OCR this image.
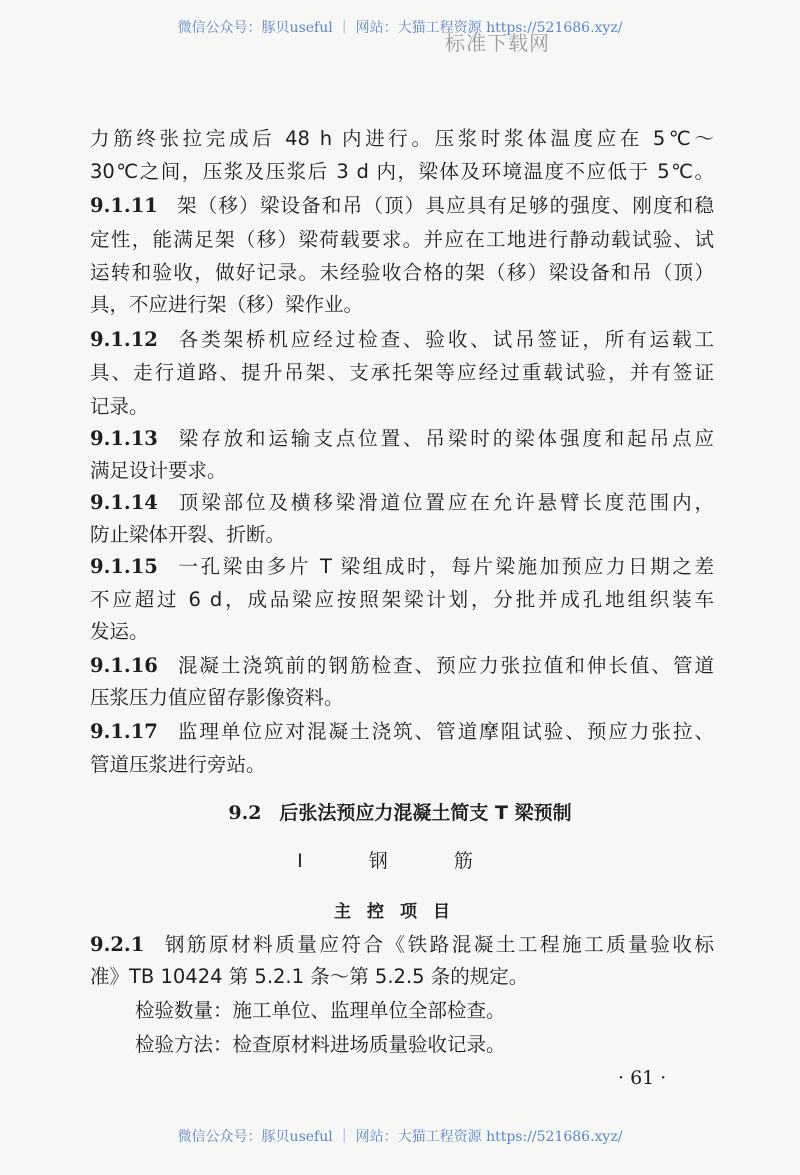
微信公众号：豚贝useful ｜ 网站：大猫工程资源 https://521686.xyz/
标准下载网
力筋终张拉完成后 48 h 内进行。压浆时浆体温度应在 5℃～
30℃之间，压浆及压浆后 3 d 内，梁体及环境温度不应低于 5℃。
9.1.11 架（移）梁设备和吊（顶）具应具有足够的强度、刚度和稳
定性，能满足架（移）梁荷载要求。并应在工地进行静动载试验、试
运转和验收，做好记录。未经验收合格的架（移）梁设备和吊（顶）
具，不应进行架（移）梁作业。
9.1.12 各类架桥机应经过检查、验收、试吊签证，所有运载工
具、走行道路、提升吊架、支承托架等应经过重载试验，并有签证
记录。
9.1.13 梁存放和运输支点位置、吊梁时的梁体强度和起吊点应
满足设计要求。
9.1.14 顶梁部位及横移梁滑道位置应在允许悬臂长度范围内，
防止梁体开裂、折断。
9.1.15 一孔梁由多片 T 梁组成时，每片梁施加预应力日期之差
不应超过 6 d，成品梁应按照架梁计划，分批并成孔地组织装车
发运。
9.1.16 混凝土浇筑前的钢筋检查、预应力张拉值和伸长值、管道
压浆压力值应留存影像资料。
9.1.17 监理单位应对混凝土浇筑、管道摩阻试验、预应力张拉、
管道压浆进行旁站。
9.2 后张法预应力混凝土简支 T 梁预制
Ⅰ 钢 筋
主控项目
9.2.1 钢筋原材料质量应符合《铁路混凝土工程施工质量验收标
准》TB 10424 第 5.2.1 条～第 5.2.5 条的规定。
检验数量：施工单位、监理单位全部检查。
检验方法：检查原材料进场质量验收记录。
· 61 ·
微信公众号：豚贝useful ｜ 网站：大猫工程资源 https://521686.xyz/
